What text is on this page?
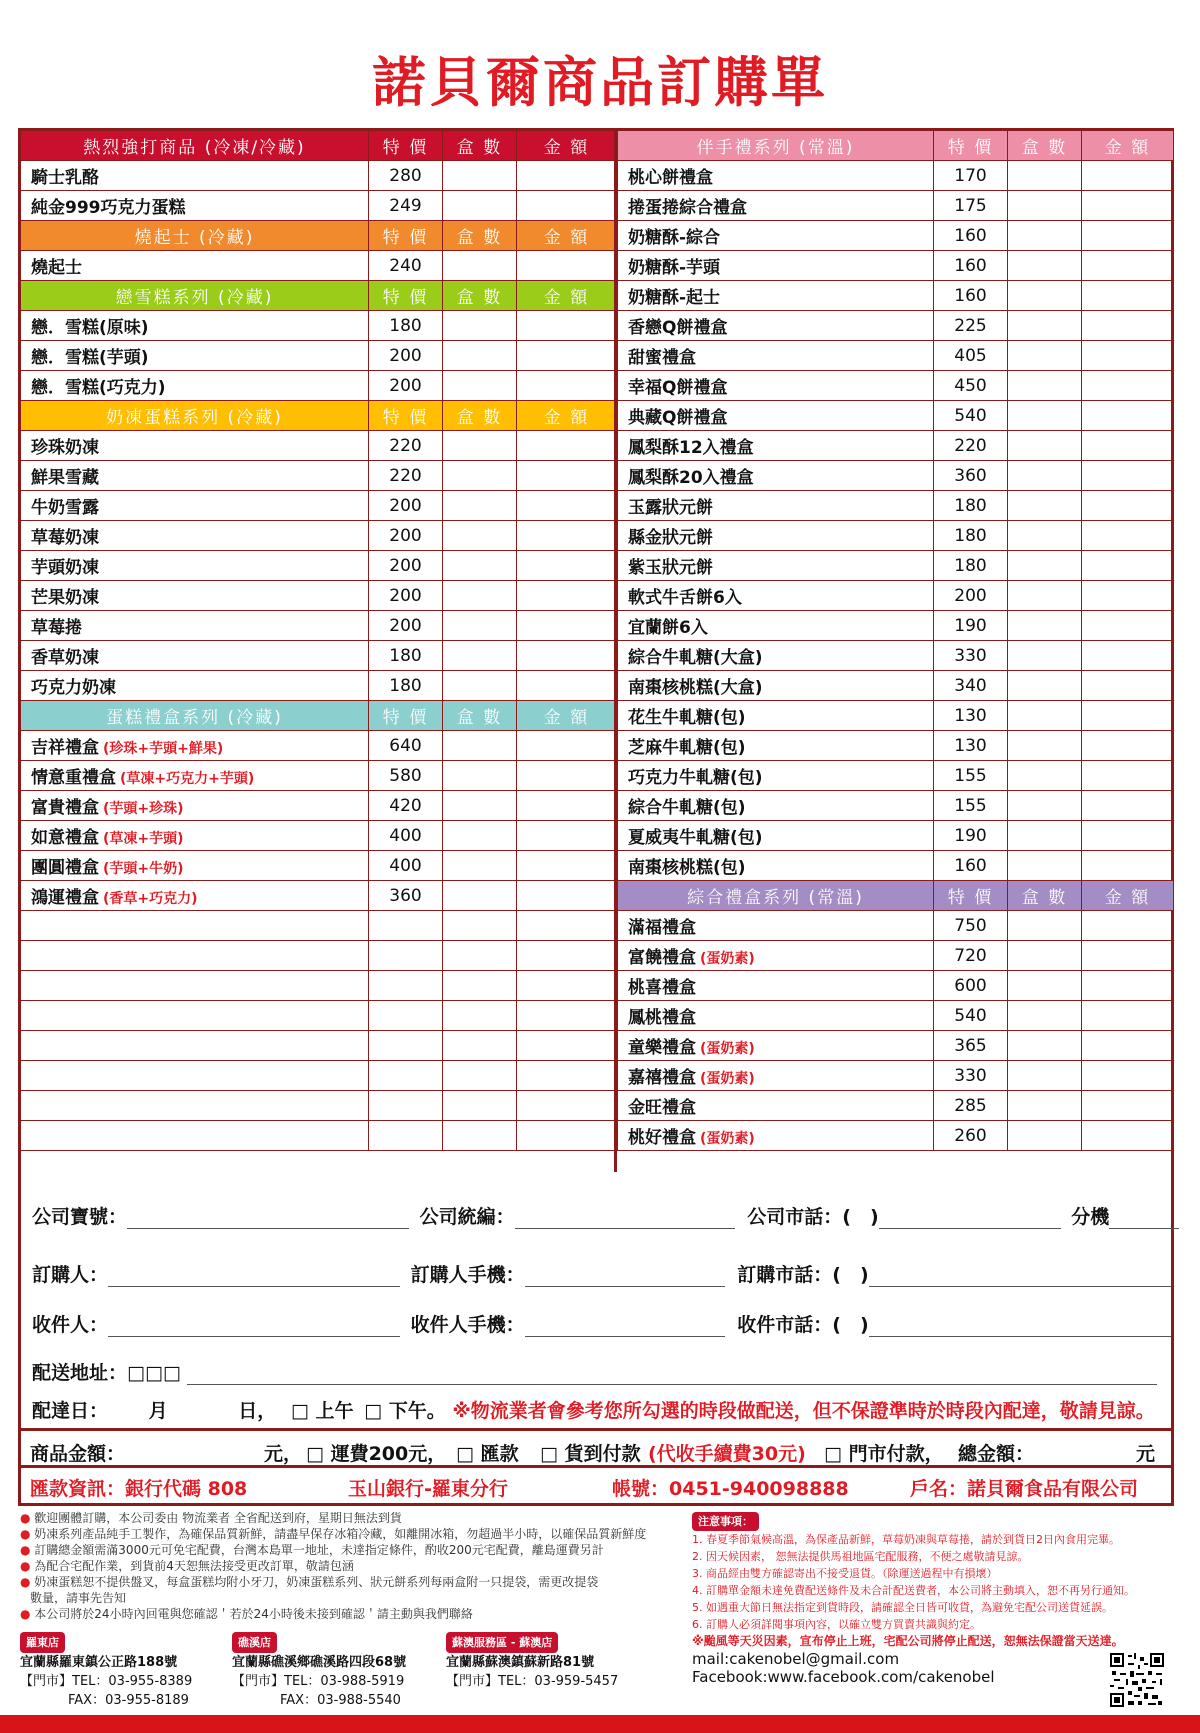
諾貝爾商品訂購單
熱烈強打商品 (冷凍/冷藏)	特 價	盒 數	金 額
騎士乳酪	280		
純金999巧克力蛋糕	249		
燒起士 (冷藏)	特 價	盒 數	金 額
燒起士	240		
戀雪糕系列 (冷藏)	特 價	盒 數	金 額
戀．雪糕(原味)	180		
戀．雪糕(芋頭)	200		
戀．雪糕(巧克力)	200		
奶凍蛋糕系列 (冷藏)	特 價	盒 數	金 額
珍珠奶凍	220		
鮮果雪藏	220		
牛奶雪露	200		
草莓奶凍	200		
芋頭奶凍	200		
芒果奶凍	200		
草莓捲	200		
香草奶凍	180		
巧克力奶凍	180		
蛋糕禮盒系列 (冷藏)	特 價	盒 數	金 額
吉祥禮盒 (珍珠+芋頭+鮮果)	640		
情意重禮盒 (草凍+巧克力+芋頭)	580		
富貴禮盒 (芋頭+珍珠)	420		
如意禮盒 (草凍+芋頭)	400		
團圓禮盒 (芋頭+牛奶)	400		
鴻運禮盒 (香草+巧克力)	360		

伴手禮系列 (常溫)	特 價	盒 數	金 額
桃心餅禮盒	170		
捲蛋捲綜合禮盒	175		
奶糖酥-綜合	160		
奶糖酥-芋頭	160		
奶糖酥-起士	160		
香戀Q餅禮盒	225		
甜蜜禮盒	405		
幸福Q餅禮盒	450		
典藏Q餅禮盒	540		
鳳梨酥12入禮盒	220		
鳳梨酥20入禮盒	360		
玉露狀元餅	180		
縣金狀元餅	180		
紫玉狀元餅	180		
軟式牛舌餅6入	200		
宜蘭餅6入	190		
綜合牛軋糖(大盒)	330		
南棗核桃糕(大盒)	340		
花生牛軋糖(包)	130		
芝麻牛軋糖(包)	130		
巧克力牛軋糖(包)	155		
綜合牛軋糖(包)	155		
夏威夷牛軋糖(包)	190		
南棗核桃糕(包)	160		
綜合禮盒系列 (常溫)	特 價	盒 數	金 額
滿福禮盒	750		
富饒禮盒 (蛋奶素)	720		
桃喜禮盒	600		
鳳桃禮盒	540		
童樂禮盒 (蛋奶素)	365		
嘉禧禮盒 (蛋奶素)	330		
金旺禮盒	285		
桃好禮盒 (蛋奶素)	260		
公司寶號：	公司統編：	公司市話：(　)	分機
訂購人：	訂購人手機：	訂購市話：(　)
收件人：	收件人手機：	收件市話：(　)
配送地址：□□□
配達日： 月	日， □ 上午 □ 下午。 ※物流業者會參考您所勾選的時段做配送，但不保證準時於時段內配達，敬請見諒。
商品金額：	元， □ 運費200元， □ 匯款 □ 貨到付款 (代收手續費30元) □ 門市付款， 總金額：	元
匯款資訊：銀行代碼 808	玉山銀行-羅東分行	帳號：0451-940098888	戶名：諾貝爾食品有限公司
● 歡迎團體訂購，本公司委由 物流業者 全省配送到府，星期日無法到貨
● 奶凍系列產品純手工製作，為確保品質新鮮，請盡早保存冰箱冷藏，如離開冰箱，勿超過半小時，以確保品質新鮮度
● 訂購總金額需滿3000元可免宅配費，台灣本島單一地址，未達指定條件，酌收200元宅配費，離島運費另計
● 為配合宅配作業，到貨前4天恕無法接受更改訂單，敬請包涵
● 奶凍蛋糕恕不提供盤叉，每盒蛋糕均附小牙刀，奶凍蛋糕系列、狀元餅系列每兩盒附一只提袋，需更改提袋
數量，請事先告知
● 本公司將於24小時內回電與您確認＇若於24小時後未接到確認＇請主動與我們聯絡
注意事項：
1. 春夏季節氣候高溫，為保產品新鮮，草莓奶凍與草莓捲，請於到貨日2日內食用完畢。
2. 因天候因素， 恕無法提供馬祖地區宅配服務，不便之處敬請見諒。
3. 商品經由雙方確認寄出不接受退貨。（除運送過程中有損壞）
4. 訂購單金額未達免費配送條件及未合計配送費者，本公司將主動填入，恕不再另行通知。
5. 如遇重大節日無法指定到貨時段，請確認全日皆可收貨，為避免宅配公司送貨延誤。
6. 訂購人必須詳閱事項內容，以確立雙方買賣共識與約定。
※颱風等天災因素，宣布停止上班，宅配公司將停止配送，恕無法保證當天送達。
羅東店
宜蘭縣羅東鎮公正路188號
【門市】TEL：03-955-8389
FAX：03-955-8189
礁溪店
宜蘭縣礁溪鄉礁溪路四段68號
【門市】TEL：03-988-5919
FAX：03-988-5540
蘇澳服務區 - 蘇澳店
宜蘭縣蘇澳鎮蘇新路81號
【門市】TEL：03-959-5457
mail:cakenobel@gmail.com
Facebook:www.facebook.com/cakenobel
